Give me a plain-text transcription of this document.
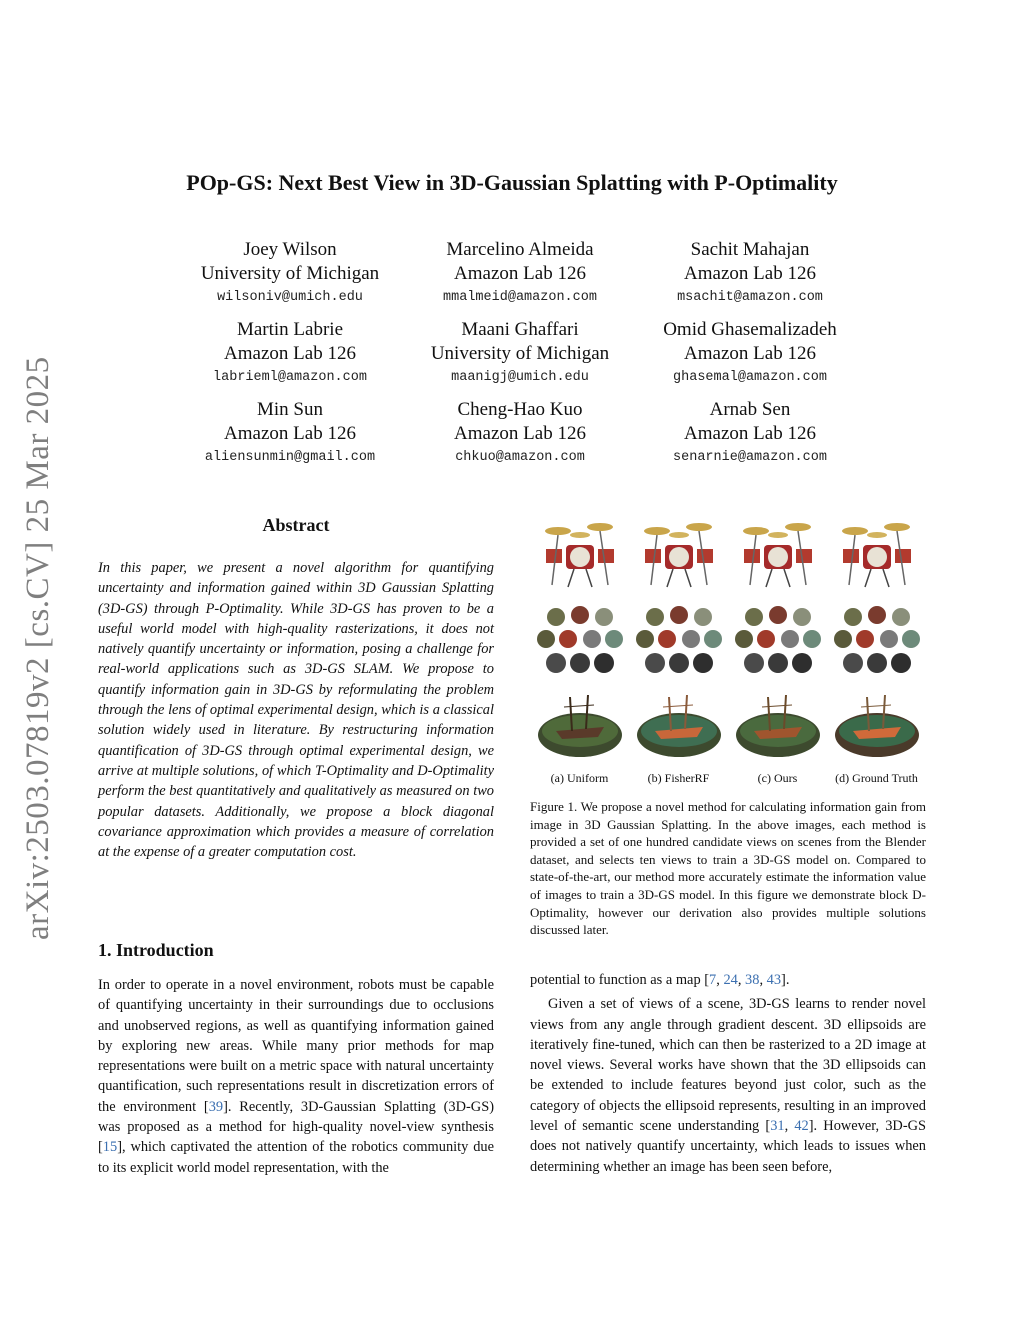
arXiv:2503.07819v2 [cs.CV] 25 Mar 2025
POp-GS: Next Best View in 3D-Gaussian Splatting with P-Optimality
Joey Wilson
University of Michigan
wilsoniv@umich.edu
Marcelino Almeida
Amazon Lab 126
mmalmeid@amazon.com
Sachit Mahajan
Amazon Lab 126
msachit@amazon.com
Martin Labrie
Amazon Lab 126
labrieml@amazon.com
Maani Ghaffari
University of Michigan
maanigj@umich.edu
Omid Ghasemalizadeh
Amazon Lab 126
ghasemal@amazon.com
Min Sun
Amazon Lab 126
aliensunmin@gmail.com
Cheng-Hao Kuo
Amazon Lab 126
chkuo@amazon.com
Arnab Sen
Amazon Lab 126
senarnie@amazon.com
Abstract
In this paper, we present a novel algorithm for quantifying uncertainty and information gained within 3D Gaussian Splatting (3D-GS) through P-Optimality. While 3D-GS has proven to be a useful world model with high-quality rasterizations, it does not natively quantify uncertainty or information, posing a challenge for real-world applications such as 3D-GS SLAM. We propose to quantify information gain in 3D-GS by reformulating the problem through the lens of optimal experimental design, which is a classical solution widely used in literature. By restructuring information quantification of 3D-GS through optimal experimental design, we arrive at multiple solutions, of which T-Optimality and D-Optimality perform the best quantitatively and qualitatively as measured on two popular datasets. Additionally, we propose a block diagonal covariance approximation which provides a measure of correlation at the expense of a greater computation cost.
(a) Uniform	(b) FisherRF	(c) Ours	(d) Ground Truth
Figure 1. We propose a novel method for calculating information gain from image in 3D Gaussian Splatting. In the above images, each method is provided a set of one hundred candidate views on scenes from the Blender dataset, and selects ten views to train a 3D-GS model on. Compared to state-of-the-art, our method more accurately estimate the information value of images to train a 3D-GS model. In this figure we demonstrate block D-Optimality, however our derivation also provides multiple solutions discussed later.
1. Introduction
In order to operate in a novel environment, robots must be capable of quantifying uncertainty in their surroundings due to occlusions and unobserved regions, as well as quantifying information gained by exploring new areas. While many prior methods for map representations were built on a metric space with natural uncertainty quantification, such representations result in discretization errors of the environment [39]. Recently, 3D-Gaussian Splatting (3D-GS) was proposed as a method for high-quality novel-view synthesis [15], which captivated the attention of the robotics community due to its explicit world model representation, with the

potential to function as a map [7, 24, 38, 43].

Given a set of views of a scene, 3D-GS learns to render novel views from any angle through gradient descent. 3D ellipsoids are iteratively fine-tuned, which can then be rasterized to a 2D image at novel views. Several works have shown that the 3D ellipsoids can be extended to include features beyond just color, such as the category of objects the ellipsoid represents, resulting in an improved level of semantic scene understanding [31, 42]. However, 3D-GS does not natively quantify uncertainty, which leads to issues when determining whether an image has been seen before,
